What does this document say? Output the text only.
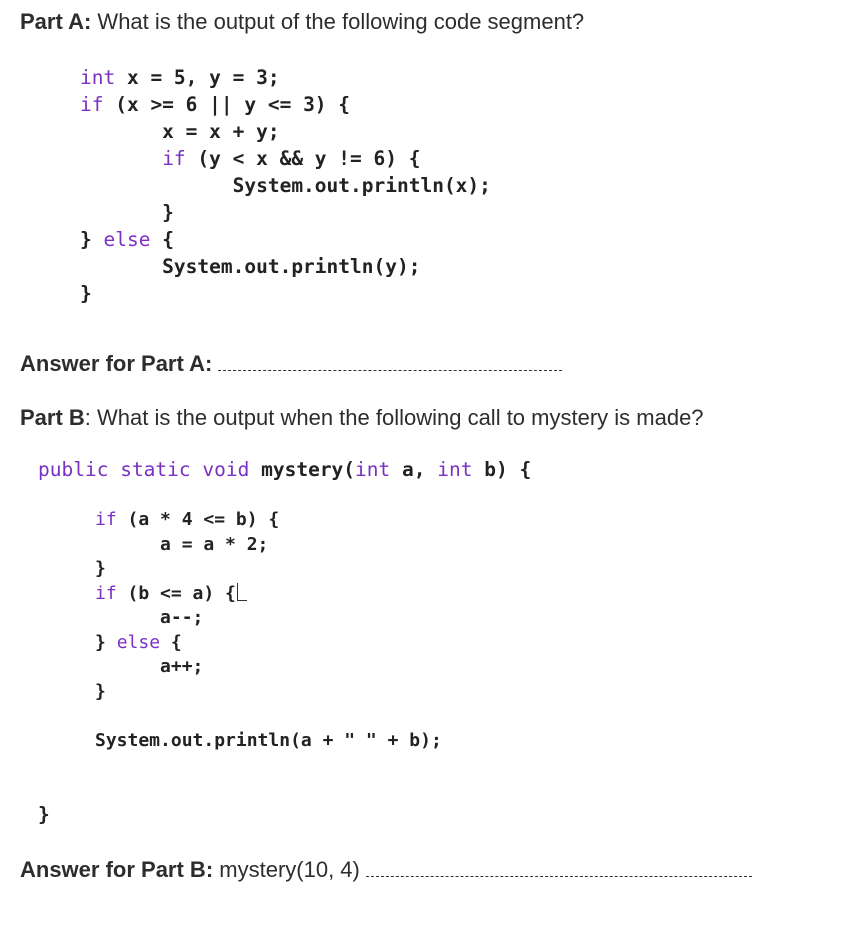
Part A: What is the output of the following code segment?
int x = 5, y = 3;
if (x >= 6 || y <= 3) {
x = x + y;
if (y < x && y != 6) {
System.out.println(x);
}
} else {
System.out.println(y);
}
Answer for Part A:
Part B: What is the output when the following call to mystery is made?
public static void mystery(int a, int b) {
if (a * 4 <= b) {
a = a * 2;
}
if (b <= a) {
a--;
} else {
a++;
}
System.out.println(a + " " + b);
}
Answer for Part B: mystery(10, 4)
